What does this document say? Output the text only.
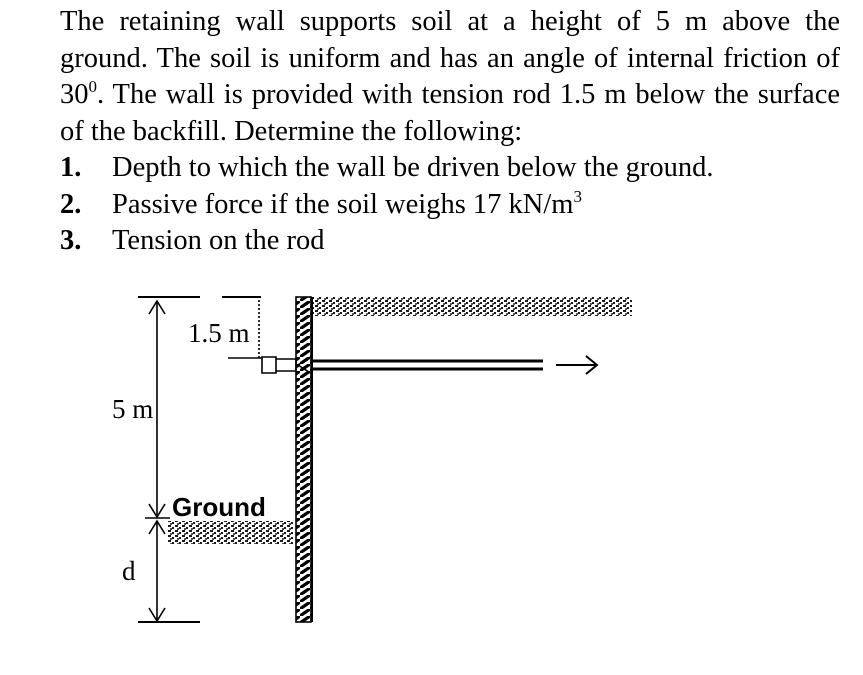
The retaining wall supports soil at a height of 5 m above the ground. The soil is uniform and has an angle of internal friction of $30^0$. The wall is provided with tension rod 1.5 m below the surface of the backfill. Determine the following:

1.	Depth to which the wall be driven below the ground.
2.	Passive force if the soil weighs 17 $kN/m^3$
3.	Tension on the rod
1.5 m
5 m
Ground
d
